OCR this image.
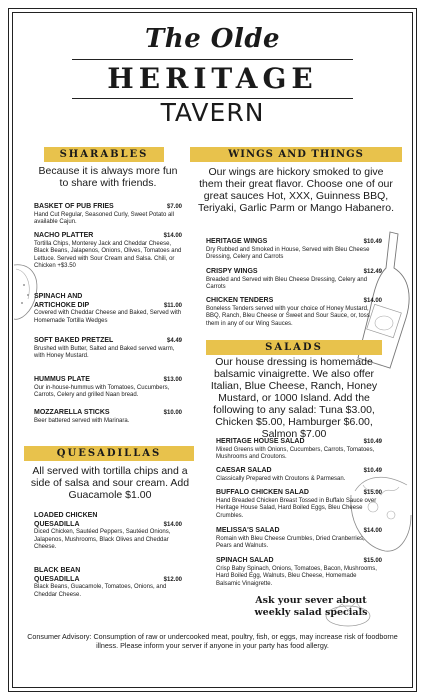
The Olde
HERITAGE
TAVERN
SHARABLES
Because it is always more fun to share with friends.
BASKET OF PUB FRIES	$7.00
Hand Cut Regular, Seasoned Curly, Sweet Potato all available Cajun.
NACHO PLATTER	$14.00
Tortilla Chips, Monterey Jack and Cheddar Cheese, Black Beans, Jalapenos, Onions, Olives, Tomatoes and Lettuce. Served with Sour Cream and Salsa. Chili, or Chicken +$3.50
SPINACH AND ARTICHOKE DIP	$11.00
Covered with Cheddar Cheese and Baked, Served with Homemade Tortilla Wedges
SOFT BAKED PRETZEL	$4.49
Brushed with Butter, Salted and Baked served warm, with Honey Mustard.
HUMMUS PLATE	$13.00
Our in-house-hummus with Tomatoes, Cucumbers, Carrots, Celery and grilled Naan bread.
MOZZARELLA STICKS	$10.00
Beer battered served with Marinara.
QUESADILLAS
All served with tortilla chips and a side of salsa and sour cream. Add Guacamole $1.00
LOADED CHICKEN QUESADILLA	$14.00
Diced Chicken, Sautéed Peppers, Sautéed Onions, Jalapenos, Mushrooms, Black Olives and Cheddar Cheese.
BLACK BEAN QUESADILLA	$12.00
Black Beans, Guacamole, Tomatoes, Onions, and Cheddar Cheese.
WINGS AND THINGS
Our wings are hickory smoked to give them their great flavor. Choose one of our great sauces Hot, XXX, Guinness BBQ, Teriyaki, Garlic Parm or Mango Habanero.
HERITAGE WINGS	$10.49
Dry Rubbed and Smoked in House, Served with Bleu Cheese Dressing, Celery and Carrots
CRISPY WINGS	$12.49
Breaded and Served with Bleu Cheese Dressing, Celery and Carrots
CHICKEN TENDERS	$14.00
Boneless Tenders served with your choice of Honey Mustard, BBQ, Ranch, Bleu Cheese or Sweet and Sour Sauce, or, toss them in any of our Wing Sauces.
SALADS
Our house dressing is homemade balsamic vinaigrette. We also offer Italian, Blue Cheese, Ranch, Honey Mustard, or 1000 Island. Add the following to any salad: Tuna $3.00, Chicken $5.00, Hamburger $6.00, Salmon $7.00
HERITAGE HOUSE SALAD	$10.49
Mixed Greens with Onions, Cucumbers, Carrots, Tomatoes, Mushrooms and Croutons.
CAESAR SALAD	$10.49
Classically Prepared with Croutons & Parmesan.
BUFFALO CHICKEN SALAD	$15.00
Hand Breaded Chicken Breast Tossed in Buffalo Sauce over Heritage House Salad, Hard Boiled Eggs, Bleu Cheese Crumbles.
MELISSA'S SALAD	$14.00
Romain with Bleu Cheese Crumbles, Dried Cranberries, Pears and Walnuts.
SPINACH SALAD	$15.00
Crisp Baby Spinach, Onions, Tomatoes, Bacon, Mushrooms, Hard Boiled Egg, Walnuts, Bleu Cheese, Homemade Balsamic Vinaigrette.
Ask your sever about weekly salad specials
Consumer Advisory: Consumption of raw or undercooked meat, poultry, fish, or eggs, may increase risk of foodborne illness. Please inform your server if anyone in your party has food allergy.
